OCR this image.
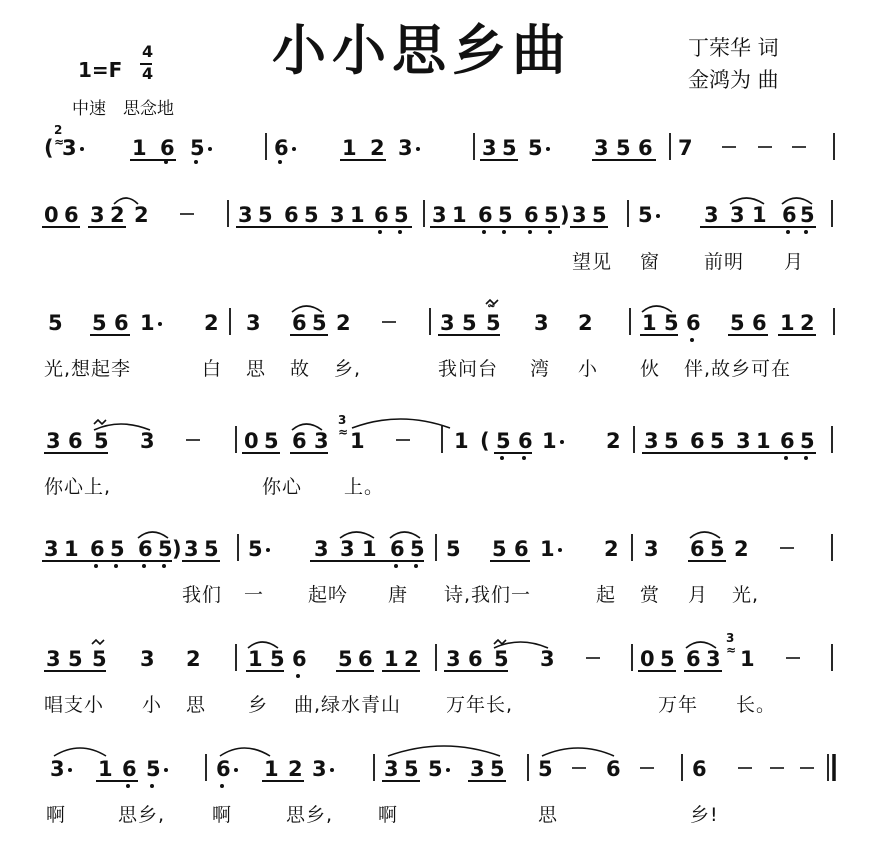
小小思乡曲	丁荣华 词
金鸿为 曲
1=F
4
4
中速　思念地
(
2
≈
3	1 6 5	6	1 2 3	3 5 5 3 5 6 7
0 6 3 2 2	3 5 6 5 3 1 6 5 3 1 6 5 6 5 ) 3 5 5 3 3 1 6 5
5 5 6 1 2 3 6 5 2	3 5 5
𝆗
3 2 1 5 6 5 6 1 2
3 6 5 3	0 5 6 3
3
≈ 1	1 ( 5 6 1 2 3 5 6 5 3 1 6 5
3 1 6 5 6 5 ) 3 5 5 3 3 1 6 5 5 5 6 1 2 3 6 5 2
3 5 5 3 2 1 5 6 5 6 1 2 3 6 5 3	0 5 6 3
3
≈ 1
3 1 6 5	6 1 2 3	3 5 5 3 5 5	6	6
望见 窗 前明 月
光,想起李	白 思 故 乡,	我问台 湾 小 伙 伴,故乡可在
你心上,	你心 上。
我们 一 起吟 唐 诗,我们一	起 赏 月 光,
唱支小 小 思 乡 曲,绿水青山 万年长,	万年 长。
啊	思乡, 啊	思乡, 啊	思	乡!
